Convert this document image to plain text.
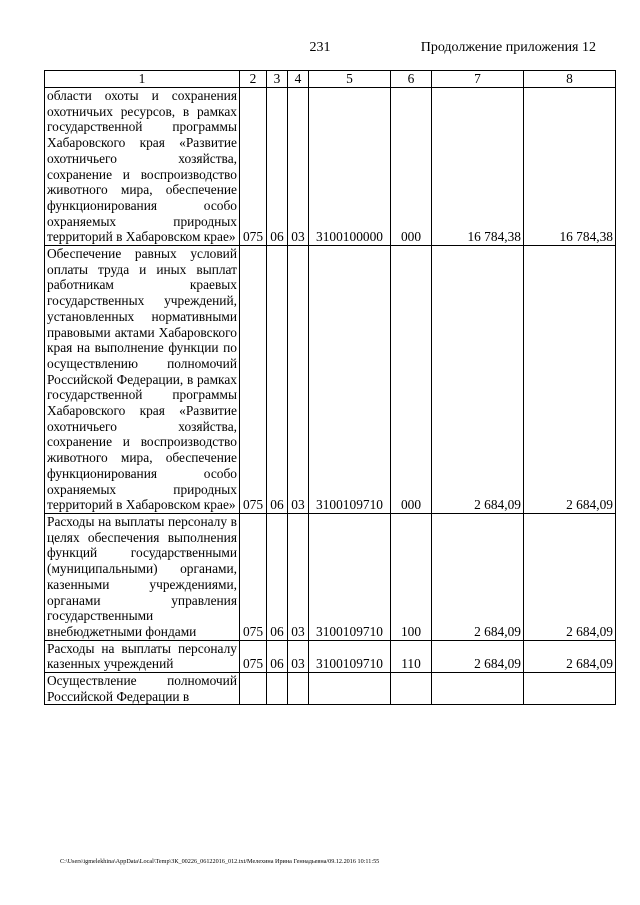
231	Продолжение приложения 12
1	2	3	4	5	6	7	8
области охоты и сохранения охотничьих ресурсов, в рамках государственной программы Хабаровского края «Развитие охотничьего хозяйства, сохранение и воспроизводство животного мира, обеспечение функционирования особо охраняемых природных территорий в Хабаровском крае»	075	06	03	3100100000	000	16 784,38	16 784,38
Обеспечение равных условий оплаты труда и иных выплат работникам краевых государственных учреждений, установленных нормативными правовыми актами Хабаровского края на выполнение функции по осуществлению полномочий Российской Федерации, в рамках государственной программы Хабаровского края «Развитие охотничьего хозяйства, сохранение и воспроизводство животного мира, обеспечение функционирования особо охраняемых природных территорий в Хабаровском крае»	075	06	03	3100109710	000	2 684,09	2 684,09
Расходы на выплаты персоналу в целях обеспечения выполнения функций государственными (муниципальными) органами, казенными учреждениями, органами управления государственными внебюджетными фондами	075	06	03	3100109710	100	2 684,09	2 684,09
Расходы на выплаты персоналу казенных учреждений	075	06	03	3100109710	110	2 684,09	2 684,09
Осуществление полномочий Российской Федерации в							
C:\Users\igmelekhina\AppData\Local\Temp\ЗК_00226_06122016_012.txt/Мелехина Ирина Геннадьевна/09.12.2016 10:11:55
